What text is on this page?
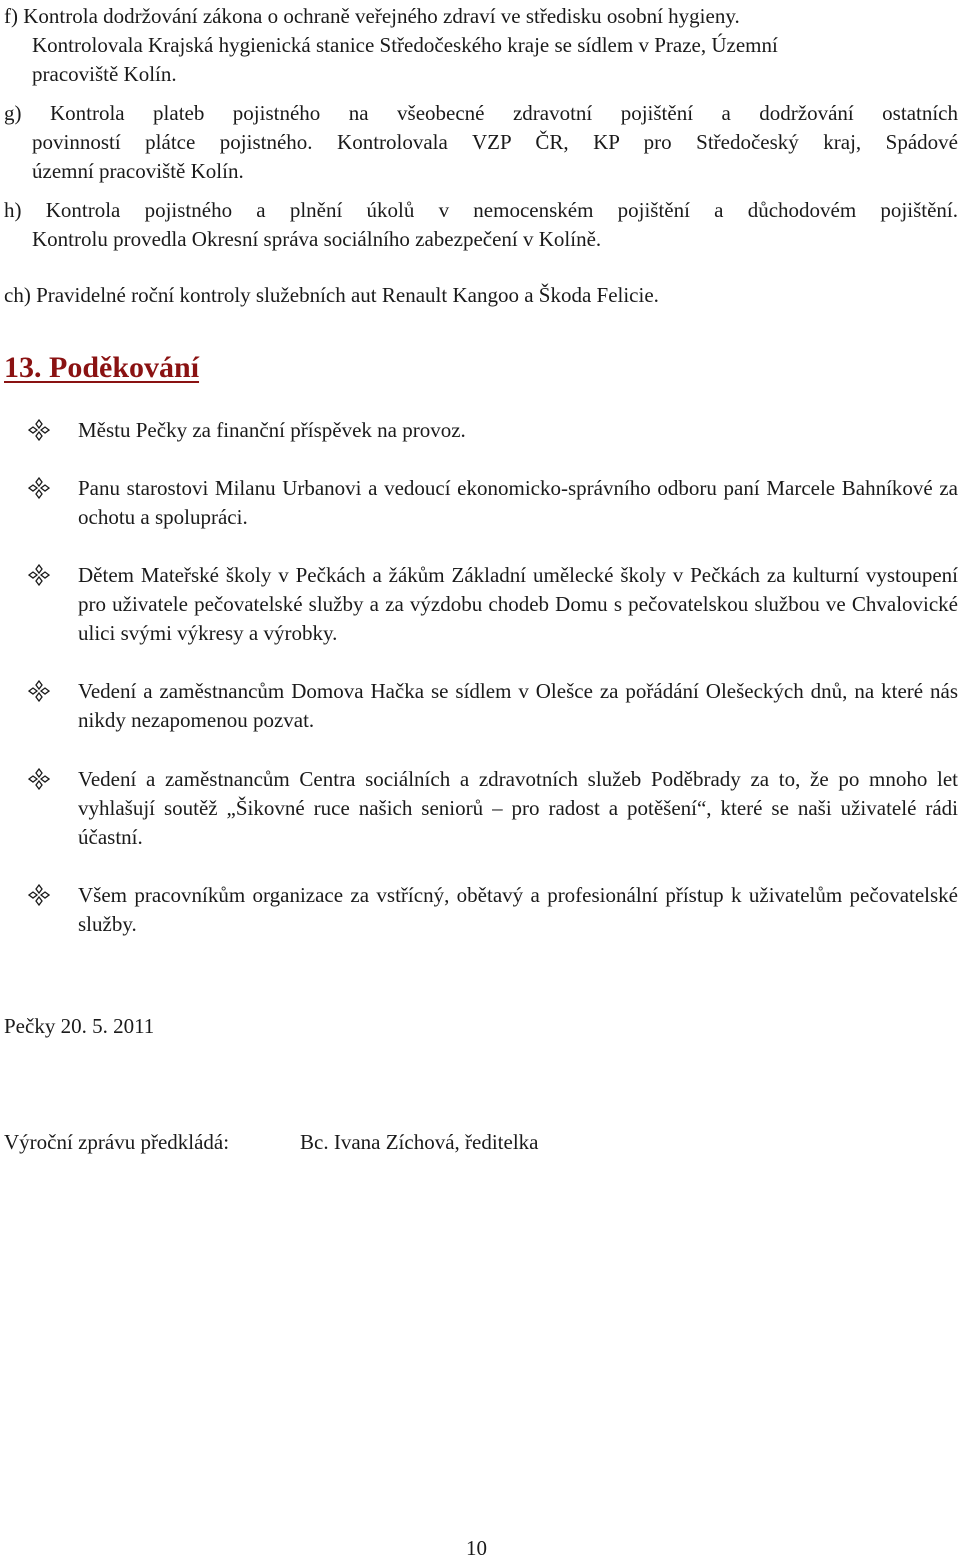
f) Kontrola dodržování zákona o ochraně veřejného zdraví ve středisku osobní hygieny.
Kontrolovala Krajská hygienická stanice Středočeského kraje se sídlem v Praze, Územní
pracoviště Kolín.
g) Kontrola plateb pojistného na všeobecné zdravotní pojištění a dodržování ostatních
povinností plátce pojistného. Kontrolovala VZP ČR, KP pro Středočeský kraj, Spádové
územní pracoviště Kolín.
h) Kontrola pojistného a plnění úkolů v nemocenském pojištění a důchodovém pojištění.
Kontrolu provedla Okresní správa sociálního zabezpečení v Kolíně.
ch) Pravidelné roční kontroly služebních aut Renault Kangoo a Škoda Felicie.
13. Poděkování
Městu Pečky za finanční příspěvek na provoz.
Panu starostovi Milanu Urbanovi a vedoucí ekonomicko-správního odboru paní Marcele Bahníkové za ochotu a spolupráci.
Dětem Mateřské školy v Pečkách a žákům Základní umělecké školy v Pečkách za kulturní vystoupení pro uživatele pečovatelské služby a za výzdobu chodeb Domu s pečovatelskou službou ve Chvalovické ulici svými výkresy a výrobky.
Vedení a zaměstnancům Domova Hačka se sídlem v Olešce za pořádání Olešeckých dnů, na které nás nikdy nezapomenou pozvat.
Vedení a zaměstnancům Centra sociálních a zdravotních služeb Poděbrady za to, že po mnoho let vyhlašují soutěž „Šikovné ruce našich seniorů – pro radost a potěšení“, které se naši uživatelé rádi účastní.
Všem pracovníkům organizace za vstřícný, obětavý a profesionální přístup k uživatelům pečovatelské služby.
Pečky 20. 5. 2011
Výroční zprávu předkládá:	Bc. Ivana Zíchová, ředitelka
10
